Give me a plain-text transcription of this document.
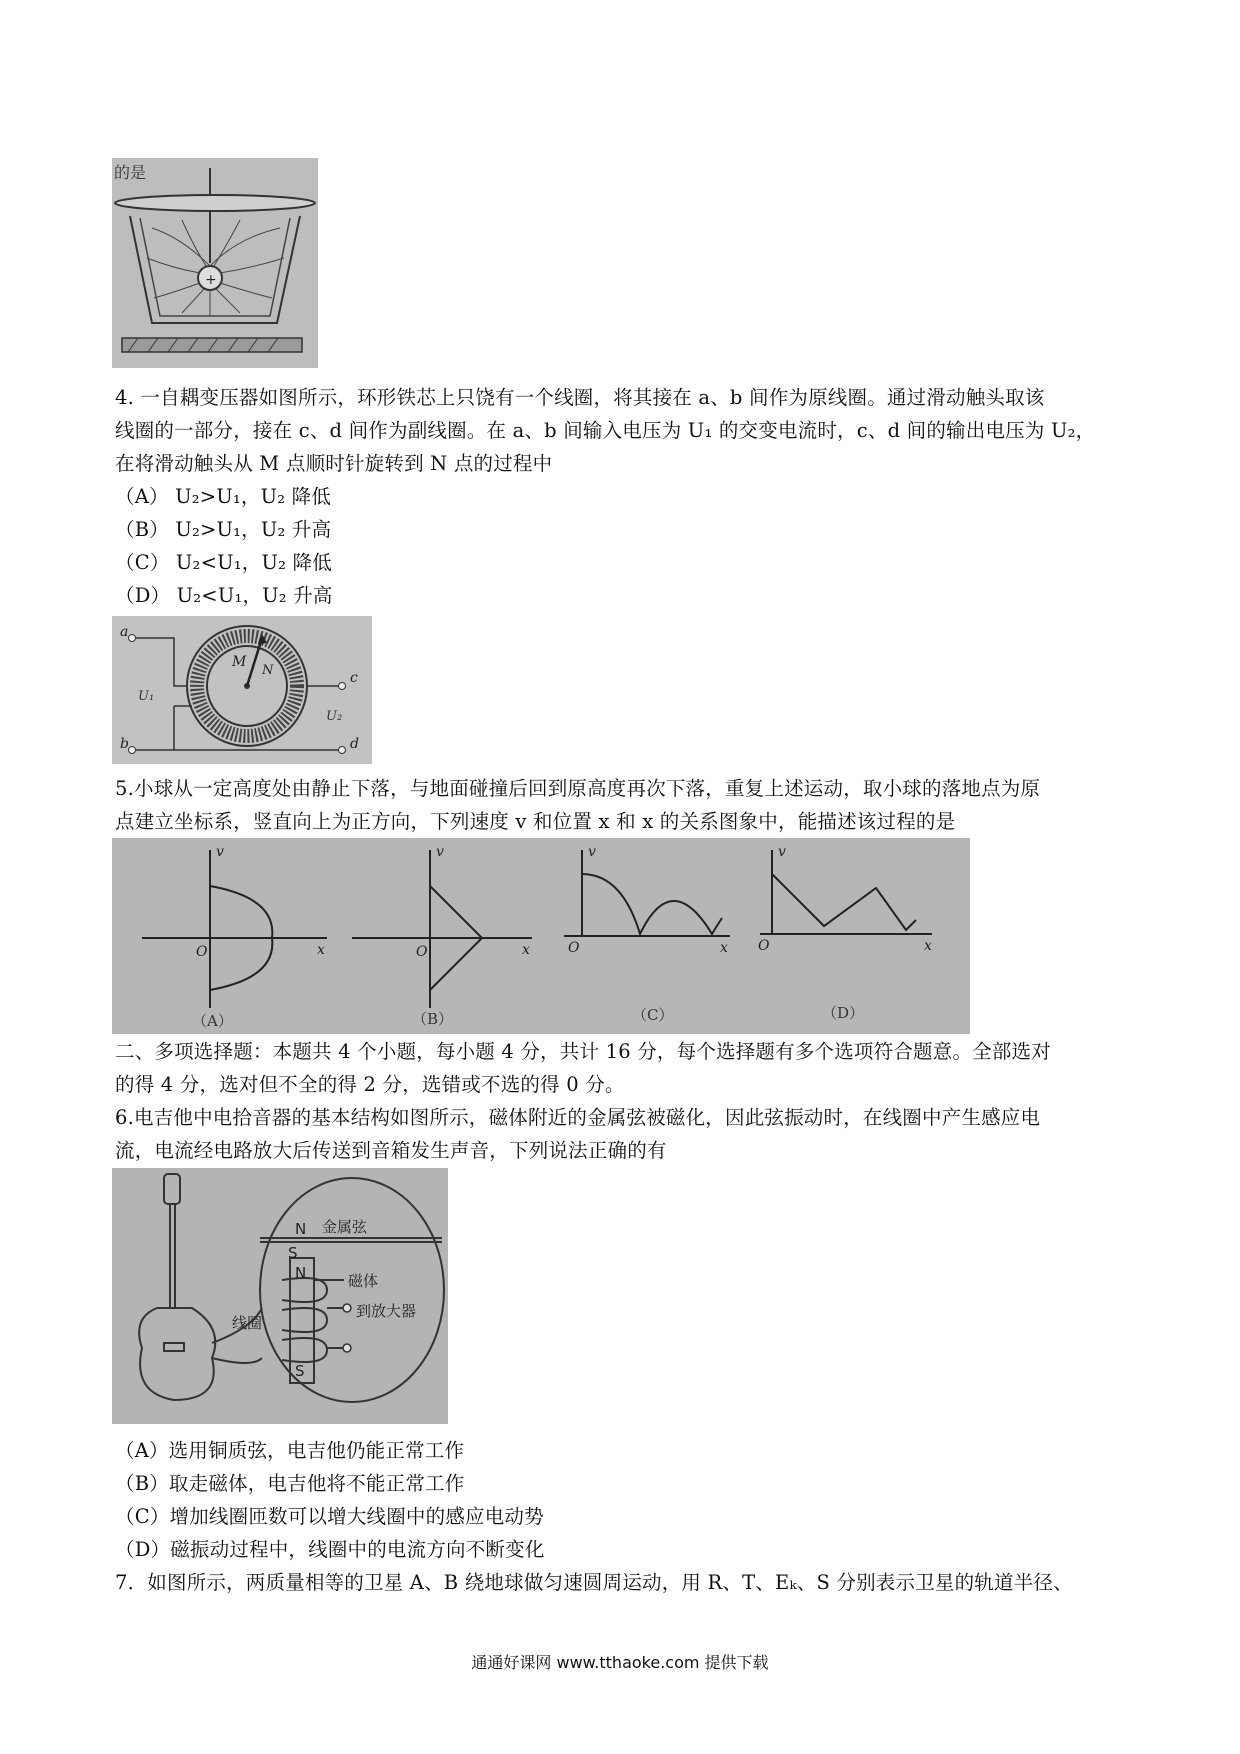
的是
+
4. 一自耦变压器如图所示，环形铁芯上只饶有一个线圈，将其接在 a、b 间作为原线圈。通过滑动触头取该
线圈的一部分，接在 c、d 间作为副线圈。在 a、b 间输入电压为 U₁ 的交变电流时，c、d 间的输出电压为 U₂，
在将滑动触头从 M 点顺时针旋转到 N 点的过程中
（A） U₂>U₁，U₂ 降低
（B） U₂>U₁，U₂ 升高
（C） U₂<U₁，U₂ 降低
（D） U₂<U₁，U₂ 升高
M
N
a
b
c
d
U₁
U₂
5.小球从一定高度处由静止下落，与地面碰撞后回到原高度再次下落，重复上述运动，取小球的落地点为原
点建立坐标系，竖直向上为正方向，下列速度 v 和位置 x 和 x 的关系图象中，能描述该过程的是
v
x
O
v
x
O
v
x
O
v
x
O
（A）	（B）	（C）	（D）
二、多项选择题：本题共 4 个小题，每小题 4 分，共计 16 分，每个选择题有多个选项符合题意。全部选对
的得 4 分，选对但不全的得 2 分，选错或不选的得 0 分。
6.电吉他中电拾音器的基本结构如图所示，磁体附近的金属弦被磁化，因此弦振动时，在线圈中产生感应电
流，电流经电路放大后传送到音箱发生声音，下列说法正确的有
金属弦
N
S
N	磁体
线圈
到放大器
S
（A）选用铜质弦，电吉他仍能正常工作
（B）取走磁体，电吉他将不能正常工作
（C）增加线圈匝数可以增大线圈中的感应电动势
（D）磁振动过程中，线圈中的电流方向不断变化
7．如图所示，两质量相等的卫星 A、B 绕地球做匀速圆周运动，用 R、T、Eₖ、S 分别表示卫星的轨道半径、
通通好课网 www.tthaoke.com 提供下载
